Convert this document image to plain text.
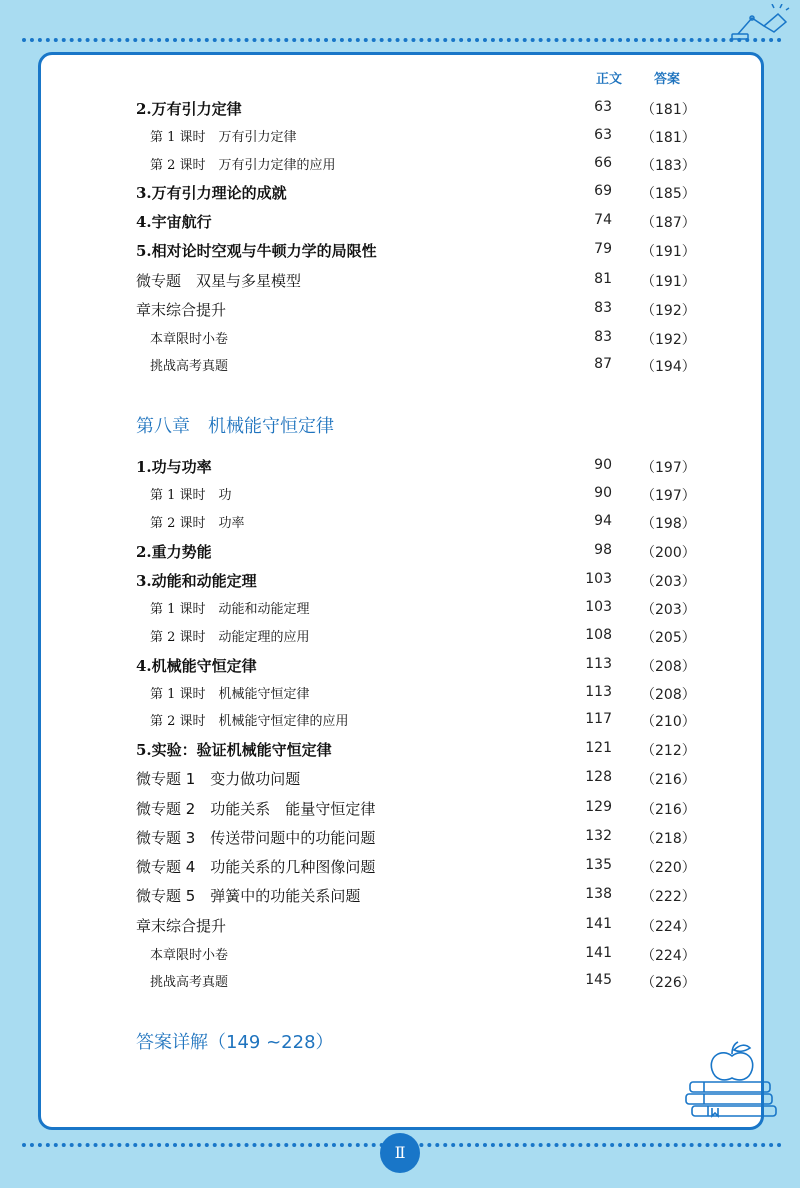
正文 答案
2.万有引力定律	63 （181）
第 1 课时　万有引力定律	63 （181）
第 2 课时　万有引力定律的应用	66 （183）
3.万有引力理论的成就	69 （185）
4.宇宙航行	74 （187）
5.相对论时空观与牛顿力学的局限性	79 （191）
微专题　双星与多星模型	81 （191）
章末综合提升	83 （192）
本章限时小卷	83 （192）
挑战高考真题	87 （194）
第八章　机械能守恒定律
1.功与功率	90 （197）
第 1 课时　功	90 （197）
第 2 课时　功率	94 （198）
2.重力势能	98 （200）
3.动能和动能定理	103 （203）
第 1 课时　动能和动能定理	103 （203）
第 2 课时　动能定理的应用	108 （205）
4.机械能守恒定律	113 （208）
第 1 课时　机械能守恒定律	113 （208）
第 2 课时　机械能守恒定律的应用	117 （210）
5.实验：验证机械能守恒定律	121 （212）
微专题 1　变力做功问题	128 （216）
微专题 2　功能关系　能量守恒定律	129 （216）
微专题 3　传送带问题中的功能问题	132 （218）
微专题 4　功能关系的几种图像问题	135 （220）
微专题 5　弹簧中的功能关系问题	138 （222）
章末综合提升	141 （224）
本章限时小卷	141 （224）
挑战高考真题	145 （226）
答案详解（149 ~228）
Ⅱ
